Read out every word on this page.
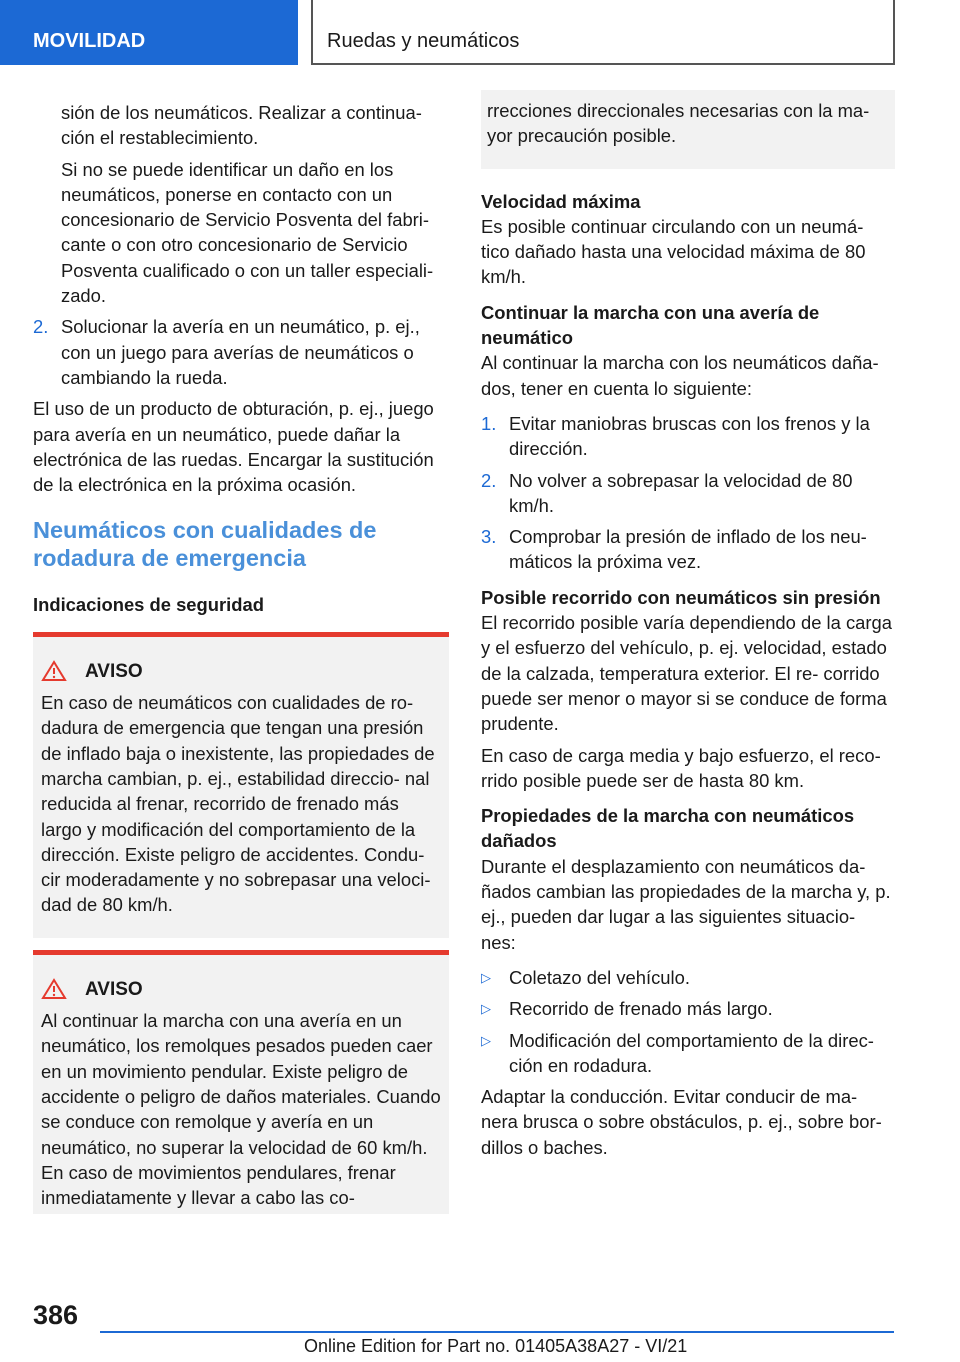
MOVILIDAD	Ruedas y neumáticos

sión de los neumáticos. Realizar a continua- ción el restablecimiento.

Si no se puede identificar un daño en los neumáticos, ponerse en contacto con un concesionario de Servicio Posventa del fabri- cante o con otro concesionario de Servicio Posventa cualificado o con un taller especiali- zado.

2. Solucionar la avería en un neumático, p. ej., con un juego para averías de neumáticos o cambiando la rueda.

El uso de un producto de obturación, p. ej., juego para avería en un neumático, puede dañar la electrónica de las ruedas. Encargar la sustitución de la electrónica en la próxima ocasión.

Neumáticos con cualidades de rodadura de emergencia
Indicaciones de seguridad
AVISO

En caso de neumáticos con cualidades de ro- dadura de emergencia que tengan una presión de inflado baja o inexistente, las propiedades de marcha cambian, p. ej., estabilidad direccio- nal reducida al frenar, recorrido de frenado más largo y modificación del comportamiento de la dirección. Existe peligro de accidentes. Condu- cir moderadamente y no sobrepasar una veloci- dad de 80 km/h.

AVISO

Al continuar la marcha con una avería en un neumático, los remolques pesados pueden caer en un movimiento pendular. Existe peligro de accidente o peligro de daños materiales. Cuando se conduce con remolque y avería en un neumático, no superar la velocidad de 60 km/h. En caso de movimientos pendulares, frenar inmediatamente y llevar a cabo las co-

rrecciones direccionales necesarias con la ma- yor precaución posible.

Velocidad máxima

Es posible continuar circulando con un neumá- tico dañado hasta una velocidad máxima de 80 km/h.

Continuar la marcha con una avería de neumático

Al continuar la marcha con los neumáticos daña- dos, tener en cuenta lo siguiente:

1. Evitar maniobras bruscas con los frenos y la dirección.
2. No volver a sobrepasar la velocidad de 80 km/h.
3. Comprobar la presión de inflado de los neu- máticos la próxima vez.
Posible recorrido con neumáticos sin presión

El recorrido posible varía dependiendo de la carga y el esfuerzo del vehículo, p. ej. velocidad, estado de la calzada, temperatura exterior. El re- corrido puede ser menor o mayor si se conduce de forma prudente.

En caso de carga media y bajo esfuerzo, el reco- rrido posible puede ser de hasta 80 km.

Propiedades de la marcha con neumáticos dañados

Durante el desplazamiento con neumáticos da- ñados cambian las propiedades de la marcha y, p. ej., pueden dar lugar a las siguientes situacio- nes:

▷ Coletazo del vehículo.
▷ Recorrido de frenado más largo.
▷ Modificación del comportamiento de la direc- ción en rodadura.

Adaptar la conducción. Evitar conducir de ma- nera brusca o sobre obstáculos, p. ej., sobre bor- dillos o baches.

386
Online Edition for Part no. 01405A38A27 - VI/21
